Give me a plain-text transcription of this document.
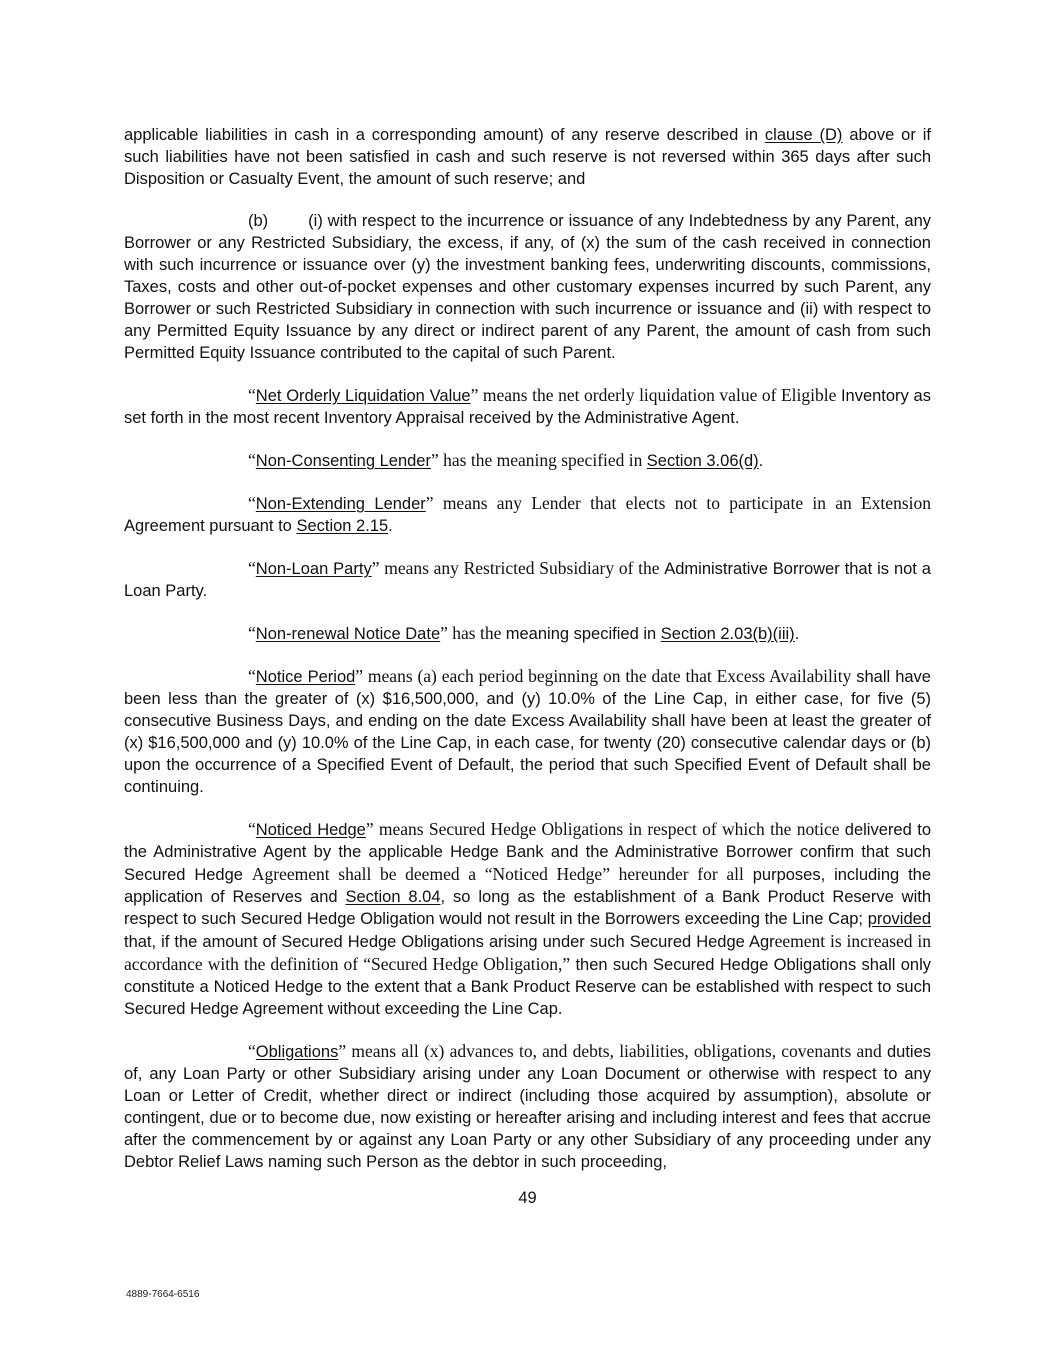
applicable liabilities in cash in a corresponding amount) of any reserve described in clause (D) above or if such liabilities have not been satisfied in cash and such reserve is not reversed within 365 days after such Disposition or Casualty Event, the amount of such reserve; and

(b) (i) with respect to the incurrence or issuance of any Indebtedness by any Parent, any Borrower or any Restricted Subsidiary, the excess, if any, of (x) the sum of the cash received in connection with such incurrence or issuance over (y) the investment banking fees, underwriting discounts, commissions, Taxes, costs and other out-of-pocket expenses and other customary expenses incurred by such Parent, any Borrower or such Restricted Subsidiary in connection with such incurrence or issuance and (ii) with respect to any Permitted Equity Issuance by any direct or indirect parent of any Parent, the amount of cash from such Permitted Equity Issuance contributed to the capital of such Parent.

“Net Orderly Liquidation Value” means the net orderly liquidation value of Eligible Inventory as set forth in the most recent Inventory Appraisal received by the Administrative Agent.

“Non-Consenting Lender” has the meaning specified in Section 3.06(d).

“Non-Extending Lender” means any Lender that elects not to participate in an Extension Agreement pursuant to Section 2.15.

“Non-Loan Party” means any Restricted Subsidiary of the Administrative Borrower that is not a Loan Party.

“Non-renewal Notice Date” has the meaning specified in Section 2.03(b)(iii).

“Notice Period” means (a) each period beginning on the date that Excess Availability shall have been less than the greater of (x) $16,500,000, and (y) 10.0% of the Line Cap, in either case, for five (5) consecutive Business Days, and ending on the date Excess Availability shall have been at least the greater of (x) $16,500,000 and (y) 10.0% of the Line Cap, in each case, for twenty (20) consecutive calendar days or (b) upon the occurrence of a Specified Event of Default, the period that such Specified Event of Default shall be continuing.

“Noticed Hedge” means Secured Hedge Obligations in respect of which the notice delivered to the Administrative Agent by the applicable Hedge Bank and the Administrative Borrower confirm that such Secured Hedge Agreement shall be deemed a “Noticed Hedge” hereunder for all purposes, including the application of Reserves and Section 8.04, so long as the establishment of a Bank Product Reserve with respect to such Secured Hedge Obligation would not result in the Borrowers exceeding the Line Cap; provided that, if the amount of Secured Hedge Obligations arising under such Secured Hedge Agreement is increased in accordance with the definition of “Secured Hedge Obligation,” then such Secured Hedge Obligations shall only constitute a Noticed Hedge to the extent that a Bank Product Reserve can be established with respect to such Secured Hedge Agreement without exceeding the Line Cap.

“Obligations” means all (x) advances to, and debts, liabilities, obligations, covenants and duties of, any Loan Party or other Subsidiary arising under any Loan Document or otherwise with respect to any Loan or Letter of Credit, whether direct or indirect (including those acquired by assumption), absolute or contingent, due or to become due, now existing or hereafter arising and including interest and fees that accrue after the commencement by or against any Loan Party or any other Subsidiary of any proceeding under any Debtor Relief Laws naming such Person as the debtor in such proceeding,

49
4889-7664-6516
